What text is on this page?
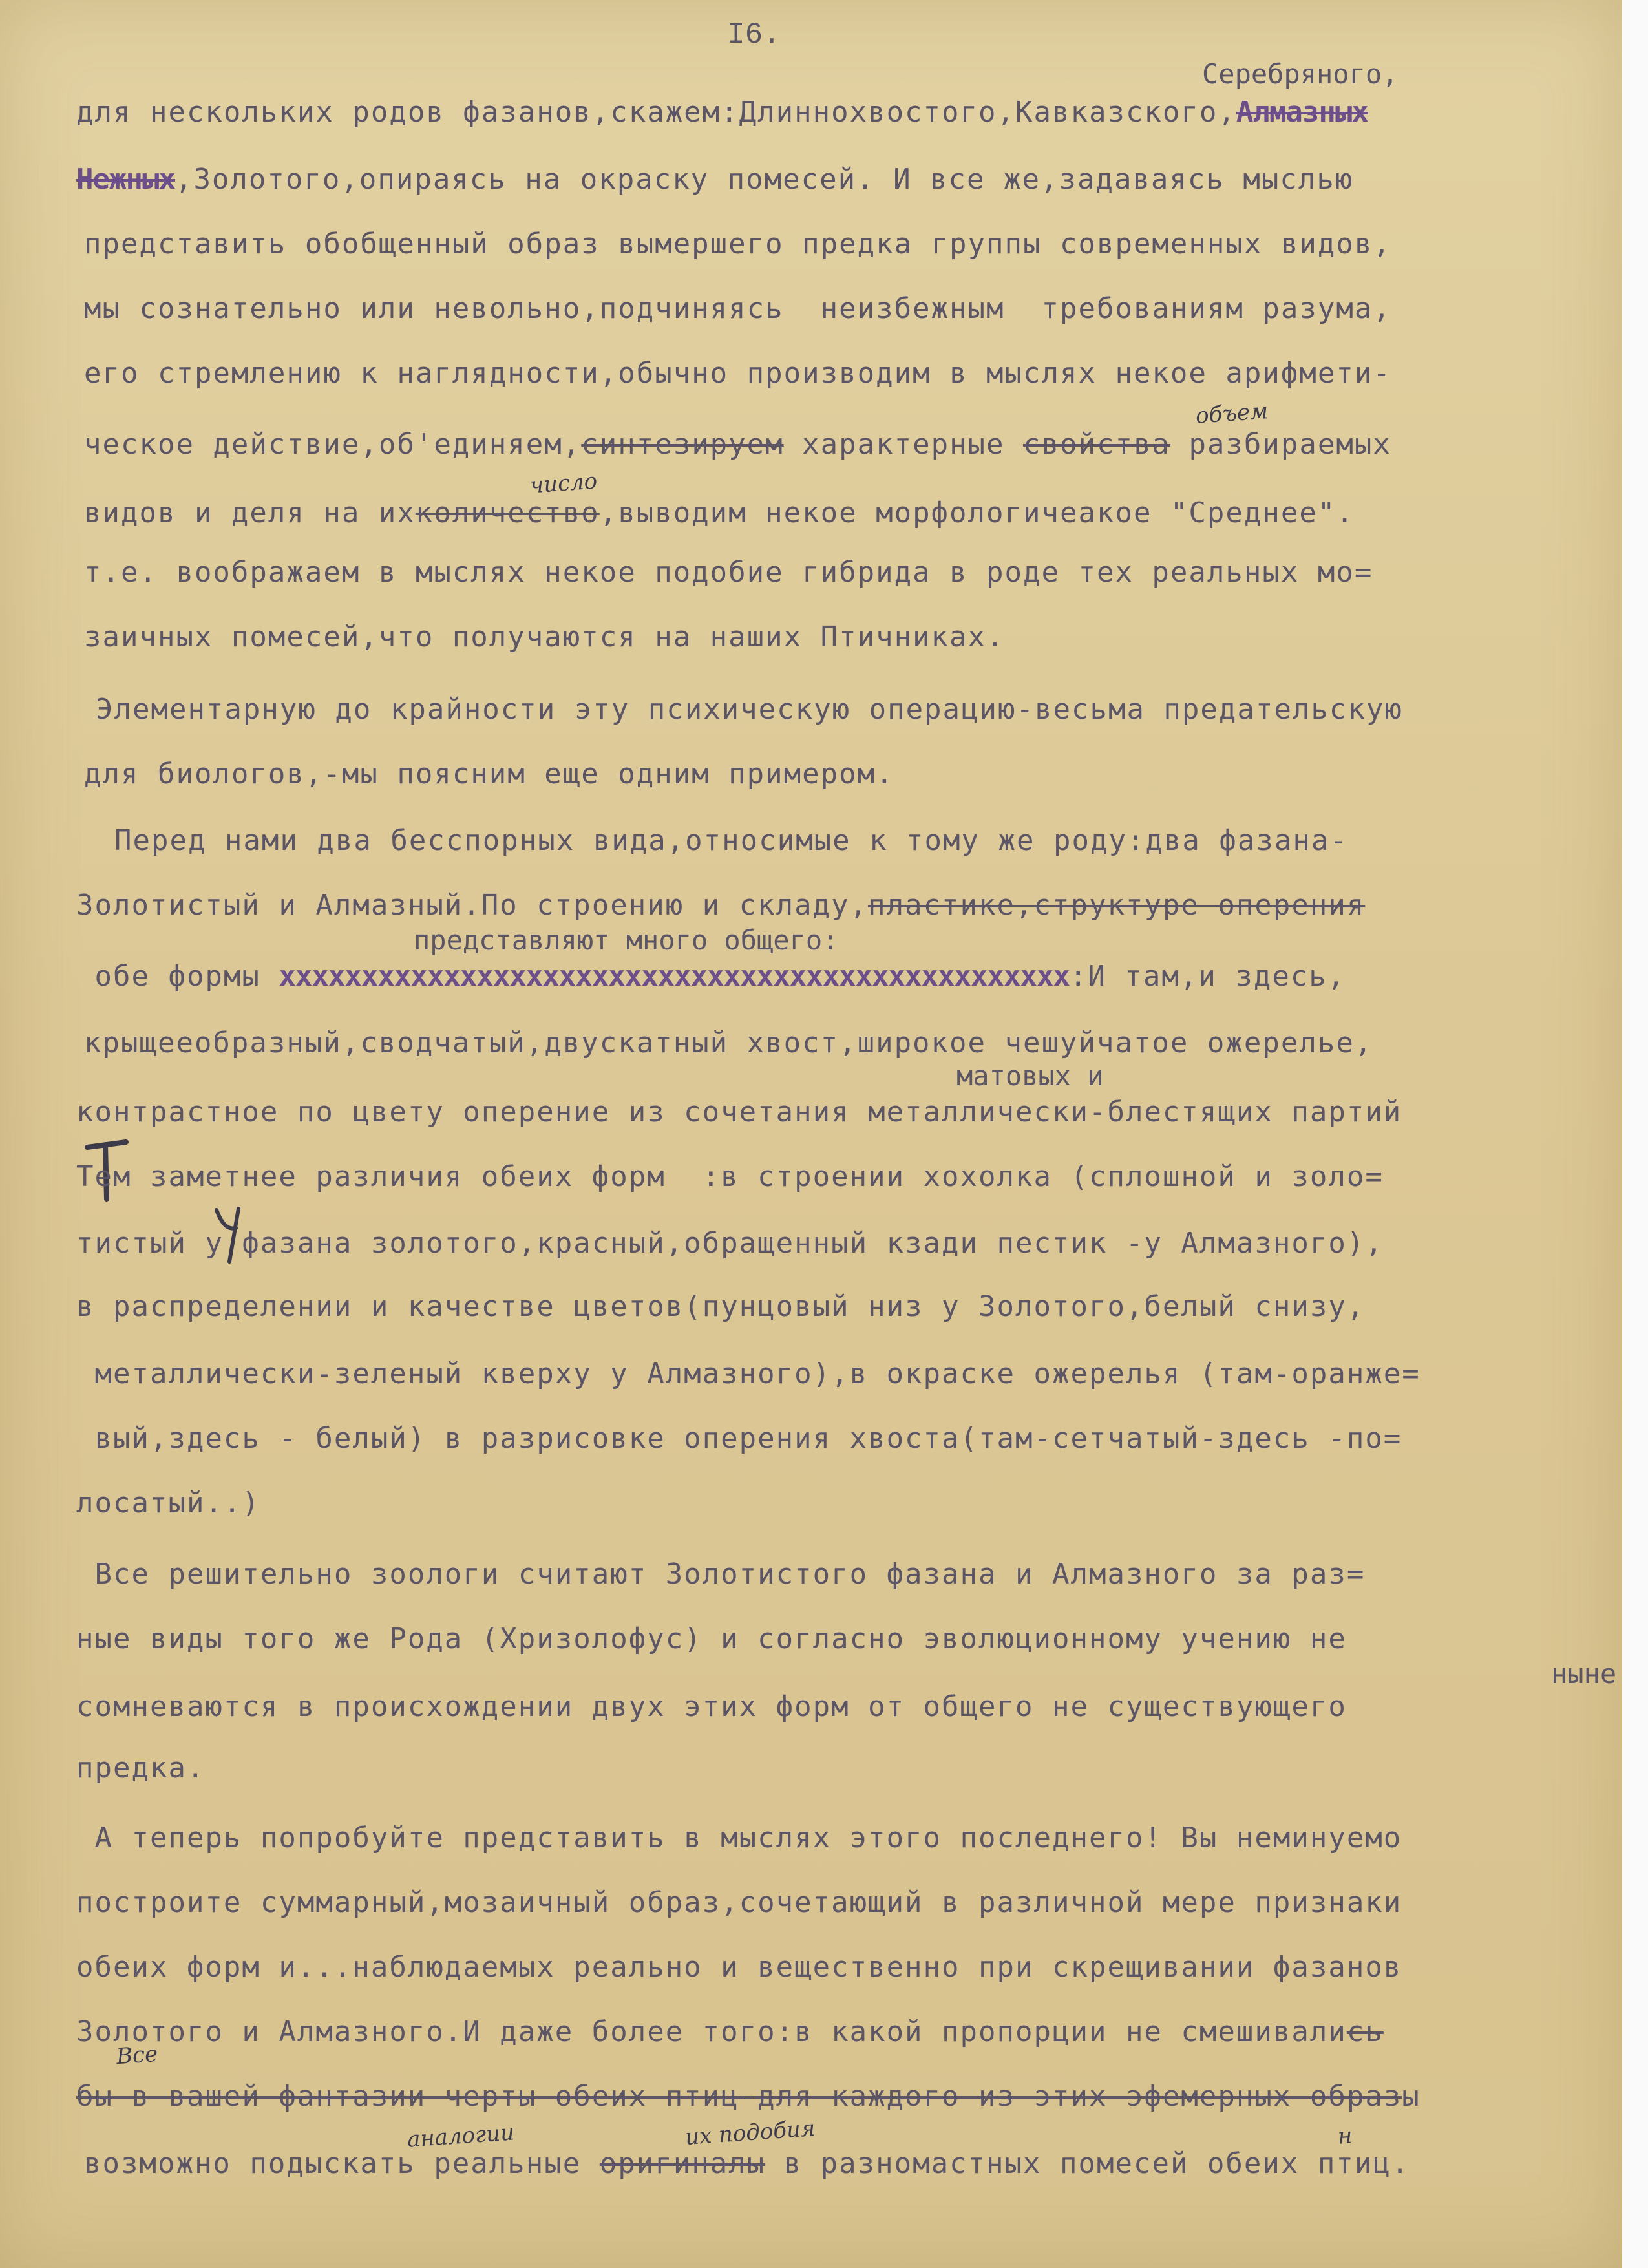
I6.
Серебряного,
для нескольких родов фазанов,скажем:Длиннохвостого,Кавказского,Алмазных
Нежных,Золотого,опираясь на окраску помесей. И все же,задаваясь мыслью
представить обобщенный образ вымершего предка группы современных видов,
мы сознательно или невольно,подчиняясь  неизбежным  требованиям разума,
его стремлению к наглядности,обычно производим в мыслях некое арифмети-
объем
ческое действие,об'единяем,синтезируем характерные свойства разбираемых
число
видов и деля на ихколичество,выводим некое морфологичеакое "Среднее".
т.е. воображаем в мыслях некое подобие гибрида в роде тех реальных мо=
заичных помесей,что получаются на наших Птичниках.
Элементарную до крайности эту психическую операцию-весьма предательскую
для биологов,-мы поясним еще одним примером.
Перед нами два бесспорных вида,относимые к тому же роду:два фазана-
Золотистый и Алмазный.По строению и складу,пластике,структуре оперения
представляют много общего:
обе формы xxxxxxxxxxxxxxxxxxxxxxxxxxxxxxxxxxxxxxxxxxxxxxxx:И там,и здесь,
крыщееобразный,сводчатый,двускатный хвост,широкое чешуйчатое ожерелье,
матовых и
контрастное по цвету оперение из сочетания металлически-блестящих партий
Тем заметнее различия обеих форм  :в строении хохолка (сплошной и золо=
тистый у фазана золотого,красный,обращенный кзади пестик -у Алмазного),
в распределении и качестве цветов(пунцовый низ у Золотого,белый снизу,
металлически-зеленый кверху у Алмазного),в окраске ожерелья (там-оранже=
вый,здесь - белый) в разрисовке оперения хвоста(там-сетчатый-здесь -по=
лосатый..)
Все решительно зоологи считают Золотистого фазана и Алмазного за раз=
ные виды того же Рода (Хризолофус) и согласно эволюционному учению не
ныне
сомневаются в происхождении двух этих форм от общего не существующего
предка.
А теперь попробуйте представить в мыслях этого последнего! Вы неминуемо
построите суммарный,мозаичный образ,сочетающий в различной мере признаки
обеих форм и...наблюдаемых реально и вещественно при скрещивании фазанов
Золотого и Алмазного.И даже более того:в какой пропорции не смешивались
Все
бы в вашей фантазии черты обеих птиц-для каждого из этих эфемерных образы
аналогии	их подобия	н
возможно подыскать реальные оригиналы в разномастных помесей обеих птиц.
